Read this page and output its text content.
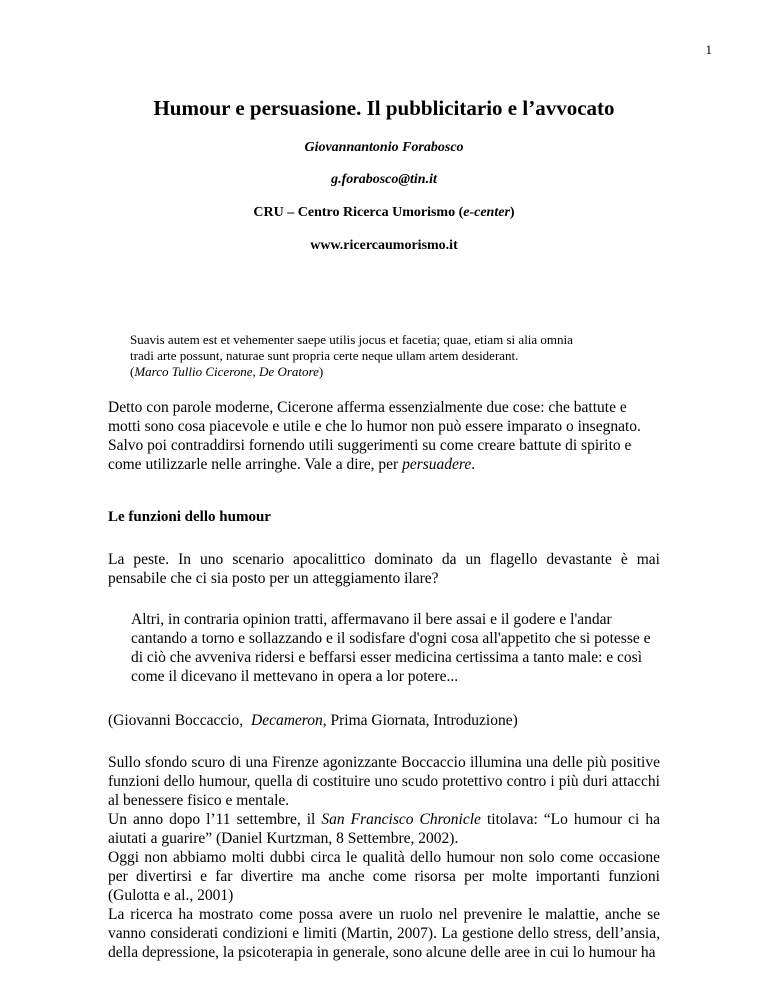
1
Humour e persuasione. Il pubblicitario e l’avvocato
Giovannantonio Forabosco
g.forabosco@tin.it
CRU – Centro Ricerca Umorismo (e-center)
www.ricercaumorismo.it
Suavis autem est et vehementer saepe utilis jocus et facetia; quae, etiam si alia omnia
tradi arte possunt, naturae sunt propria certe neque ullam artem desiderant.
(Marco Tullio Cicerone, De Oratore)

Detto con parole moderne, Cicerone afferma essenzialmente due cose: che battute e motti sono cosa piacevole e utile e che lo humor non può essere imparato o insegnato. Salvo poi contraddirsi fornendo utili suggerimenti su come creare battute di spirito e come utilizzarle nelle arringhe. Vale a dire, per persuadere.

Le funzioni dello humour

La peste. In uno scenario apocalittico dominato da un flagello devastante è mai pensabile che ci sia posto per un atteggiamento ilare?

Altri, in contraria opinion tratti, affermavano il bere assai e il godere e l'andar cantando a torno e sollazzando e il sodisfare d'ogni cosa all'appetito che si potesse e di ciò che avveniva ridersi e beffarsi esser medicina certissima a tanto male: e così come il dicevano il mettevano in opera a lor potere...

(Giovanni Boccaccio, Decameron, Prima Giornata, Introduzione)

Sullo sfondo scuro di una Firenze agonizzante Boccaccio illumina una delle più positive funzioni dello humour, quella di costituire uno scudo protettivo contro i più duri attacchi al benessere fisico e mentale.
Un anno dopo l’11 settembre, il San Francisco Chronicle titolava: “Lo humour ci ha aiutati a guarire” (Daniel Kurtzman, 8 Settembre, 2002).
Oggi non abbiamo molti dubbi circa le qualità dello humour non solo come occasione per divertirsi e far divertire ma anche come risorsa per molte importanti funzioni (Gulotta e al., 2001)
La ricerca ha mostrato come possa avere un ruolo nel prevenire le malattie, anche se vanno considerati condizioni e limiti (Martin, 2007). La gestione dello stress, dell’ansia, della depressione, la psicoterapia in generale, sono alcune delle aree in cui lo humour ha
